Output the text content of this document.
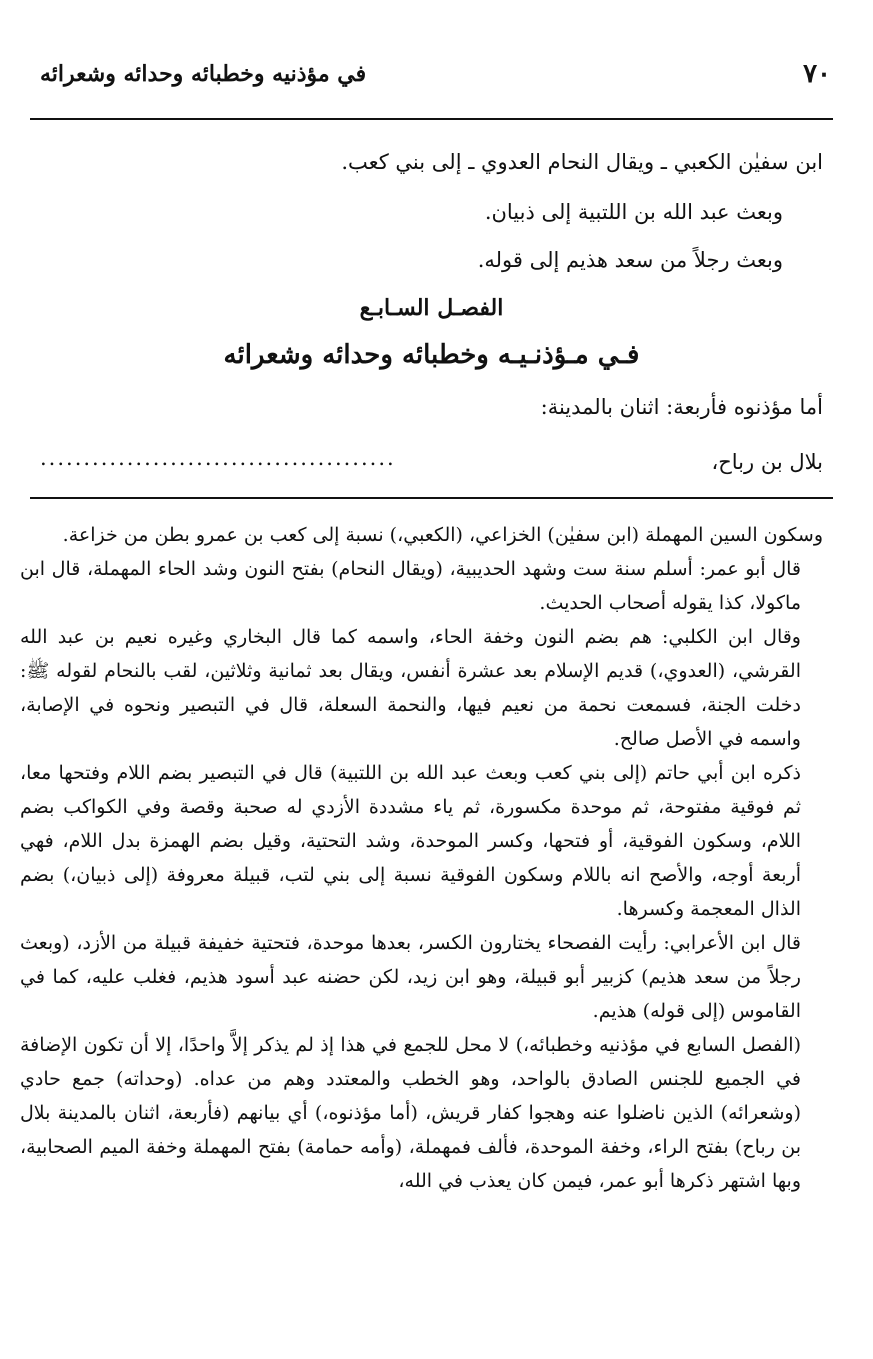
في مؤذنيه وخطبائه وحدائه وشعرائه	٧٠
ابن سفيٰن الكعبي ـ ويقال النحام العدوي ـ إلى بني كعب.
وبعث عبد الله بن اللتبية إلى ذبيان.
وبعث رجلاً من سعد هذيم إلى قوله.
الفصـل السـابـع
فـي مـؤذنـيـه وخطبائه وحدائه وشعرائه
أما مؤذنوه فأربعة: اثنان بالمدينة:
بلال بن رباح،
.........................................

وسكون السين المهملة (ابن سفيٰن) الخزاعي، (الكعبي،) نسبة إلى كعب بن عمرو بطن من خزاعة.

قال أبو عمر: أسلم سنة ست وشهد الحديبية، (ويقال النحام) بفتح النون وشد الحاء المهملة، قال ابن ماكولا، كذا يقوله أصحاب الحديث.

وقال ابن الكلبي: هم بضم النون وخفة الحاء، واسمه كما قال البخاري وغيره نعيم بن عبد الله القرشي، (العدوي،) قديم الإسلام بعد عشرة أنفس، ويقال بعد ثمانية وثلاثين، لقب بالنحام لقوله ﷺ: دخلت الجنة، فسمعت نحمة من نعيم فيها، والنحمة السعلة، قال في التبصير ونحوه في الإصابة، واسمه في الأصل صالح.

ذكره ابن أبي حاتم (إلى بني كعب وبعث عبد الله بن اللتبية) قال في التبصير بضم اللام وفتحها معا، ثم فوقية مفتوحة، ثم موحدة مكسورة، ثم ياء مشددة الأزدي له صحبة وقصة وفي الكواكب بضم اللام، وسكون الفوقية، أو فتحها، وكسر الموحدة، وشد التحتية، وقيل بضم الهمزة بدل اللام، فهي أربعة أوجه، والأصح انه باللام وسكون الفوقية نسبة إلى بني لتب، قبيلة معروفة (إلى ذبيان،) بضم الذال المعجمة وكسرها.

قال ابن الأعرابي: رأيت الفصحاء يختارون الكسر، بعدها موحدة، فتحتية خفيفة قبيلة من الأزد، (وبعث رجلاً من سعد هذيم) كزبير أبو قبيلة، وهو ابن زيد، لكن حضنه عبد أسود هذيم، فغلب عليه، كما في القاموس (إلى قوله) هذيم.

(الفصل السابع في مؤذنيه وخطبائه،) لا محل للجمع في هذا إذ لم يذكر إلاَّ واحدًا، إلا أن تكون الإضافة في الجميع للجنس الصادق بالواحد، وهو الخطب والمعتدد وهم من عداه. (وحداته) جمع حادي (وشعرائه) الذين ناضلوا عنه وهجوا كفار قريش، (أما مؤذنوه،) أي بيانهم (فأربعة، اثنان بالمدينة بلال بن رباح) بفتح الراء، وخفة الموحدة، فألف فمهملة، (وأمه حمامة) بفتح المهملة وخفة الميم الصحابية، وبها اشتهر ذكرها أبو عمر، فيمن كان يعذب في الله،
